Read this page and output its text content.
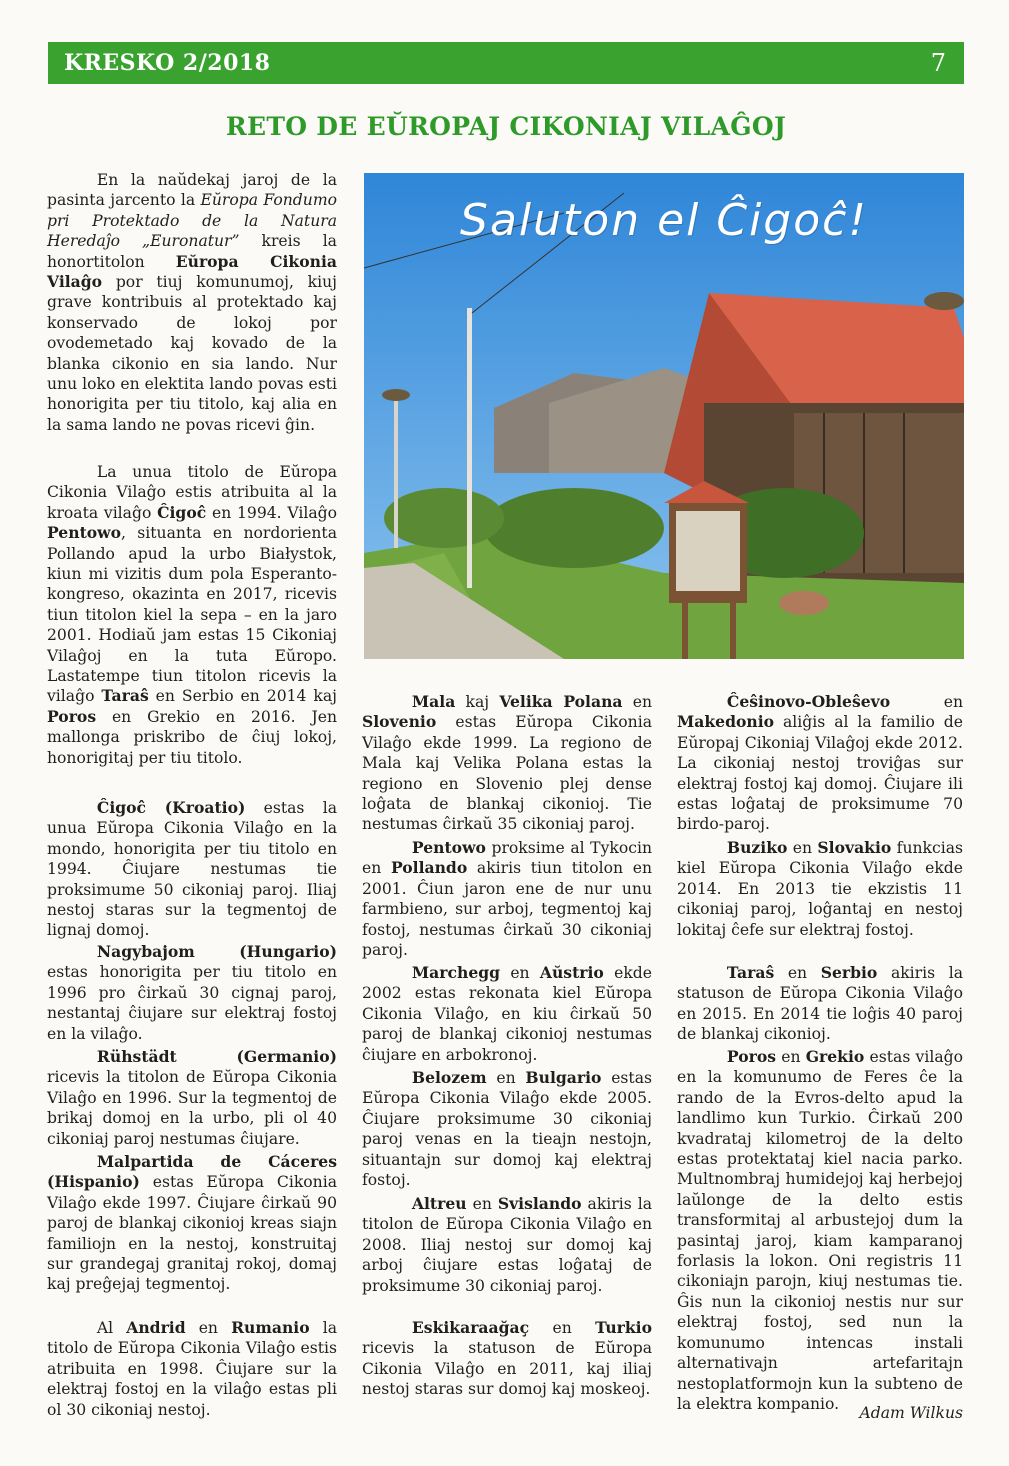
KRESKO 2/2018	7
RETO DE EŬROPAJ CIKONIAJ VILAĜOJ

    En la naŭdekaj jaroj de la pasinta jarcento la Eŭropa Fondumo pri Protektado de la Natura Heredaĵo „Euronatur” kreis la honortitolon Eŭropa Cikonia Vilaĝo por tiuj komunumoj, kiuj grave kontribuis al protektado kaj konservado de lokoj por ovodemetado kaj kovado de la blanka cikonio en sia lando. Nur unu loko en elektita lando povas esti honorigita per tiu titolo, kaj alia en la sama lando ne povas ricevi ĝin.

    La unua titolo de Eŭropa Cikonia Vilaĝo estis atribuita al la kroata vilaĝo Ĉigoĉ en 1994. Vilaĝo Pentowo, situanta en nordorienta Pollando apud la urbo Białystok, kiun mi vizitis dum pola Esperanto-kongreso, okazinta en 2017, ricevis tiun titolon kiel la sepa – en la jaro 2001. Hodiaŭ jam estas 15 Cikoniaj Vilaĝoj en la tuta Eŭropo. Lastatempe tiun titolon ricevis la vilaĝo Taraŝ en Serbio en 2014 kaj Poros en Grekio en 2016. Jen mallonga priskribo de ĉiuj lokoj, honorigitaj per tiu titolo.

    Ĉigoĉ (Kroatio) estas la unua Eŭropa Cikonia Vilaĝo en la mondo, honorigita per tiu titolo en 1994. Ĉiujare nestumas tie proksimume 50 cikoniaj paroj. Iliaj nestoj staras sur la tegmentoj de lignaj domoj.

    Nagybajom (Hungario) estas honorigita per tiu titolo en 1996 pro ĉirkaŭ 30 cignaj paroj, nestantaj ĉiujare sur elektraj fostoj en la vilaĝo.

    Rühstädt (Germanio) ricevis la titolon de Eŭropa Cikonia Vilaĝo en 1996. Sur la tegmentoj de brikaj domoj en la urbo, pli ol 40 cikoniaj paroj nestumas ĉiujare.

    Malpartida de Cáceres (Hispanio) estas Eŭropa Cikonia Vilaĝo ekde 1997. Ĉiujare ĉirkaŭ 90 paroj de blankaj cikonioj kreas siajn familiojn en la nestoj, konstruitaj sur grandegaj granitaj rokoj, domaj kaj preĝejaj tegmentoj.

    Al Andrid en Rumanio la titolo de Eŭropa Cikonia Vilaĝo estis atribuita en 1998. Ĉiujare sur la elektraj fostoj en la vilaĝo estas pli ol 30 cikoniaj nestoj.

Saluton el Ĉigoĉ!

    Mala kaj Velika Polana en Slovenio estas Eŭropa Cikonia Vilaĝo ekde 1999. La regiono de Mala kaj Velika Polana estas la regiono en Slovenio plej dense loĝata de blankaj cikonioj. Tie nestumas ĉirkaŭ 35 cikoniaj paroj.

    Pentowo proksime al Tykocin en Pollando akiris tiun titolon en 2001. Ĉiun jaron ene de nur unu farmbieno, sur arboj, tegmentoj kaj fostoj, nestumas ĉirkaŭ 30 cikoniaj paroj.

    Marchegg en Aŭstrio ekde 2002 estas rekonata kiel Eŭropa Cikonia Vilaĝo, en kiu ĉirkaŭ 50 paroj de blankaj cikonioj nestumas ĉiujare en arbokronoj.

    Belozem en Bulgario estas Eŭropa Cikonia Vilaĝo ekde 2005. Ĉiujare proksimume 30 cikoniaj paroj venas en la tieajn nestojn, situantajn sur domoj kaj elektraj fostoj.

    Altreu en Svislando akiris la titolon de Eŭropa Cikonia Vilaĝo en 2008. Iliaj nestoj sur domoj kaj arboj ĉiujare estas loĝataj de proksimume 30 cikoniaj paroj.

    Eskikaraağaç en Turkio ricevis la statuson de Eŭropa Cikonia Vilaĝo en 2011, kaj iliaj nestoj staras sur domoj kaj moskeoj.

    Ĉeŝinovo-Obleŝevo en Makedonio aliĝis al la familio de Eŭropaj Cikoniaj Vilaĝoj ekde 2012. La cikoniaj nestoj troviĝas sur elektraj fostoj kaj domoj. Ĉiujare ili estas loĝataj de proksimume 70 birdo-paroj.

    Buziko en Slovakio funkcias kiel Eŭropa Cikonia Vilaĝo ekde 2014. En 2013 tie ekzistis 11 cikoniaj paroj, loĝantaj en nestoj lokitaj ĉefe sur elektraj fostoj.

    Taraŝ en Serbio akiris la statuson de Eŭropa Cikonia Vilaĝo en 2015. En 2014 tie loĝis 40 paroj de blankaj cikonioj.

    Poros en Grekio estas vilaĝo en la komunumo de Feres ĉe la rando de la Evros-delto apud la landlimo kun Turkio. Ĉirkaŭ 200 kvadrataj kilometroj de la delto estas protektataj kiel nacia parko. Multnombraj humidejoj kaj herbejoj laŭlonge de la delto estis transformitaj al arbustejoj dum la pasintaj jaroj, kiam kamparanoj forlasis la lokon. Oni registris 11 cikoniajn parojn, kiuj nestumas tie. Ĝis nun la cikonioj nestis nur sur elektraj fostoj, sed nun la komunumo intencas instali alternativajn artefaritajn nestoplatformojn kun la subteno de la elektra kompanio.

Adam Wilkus
